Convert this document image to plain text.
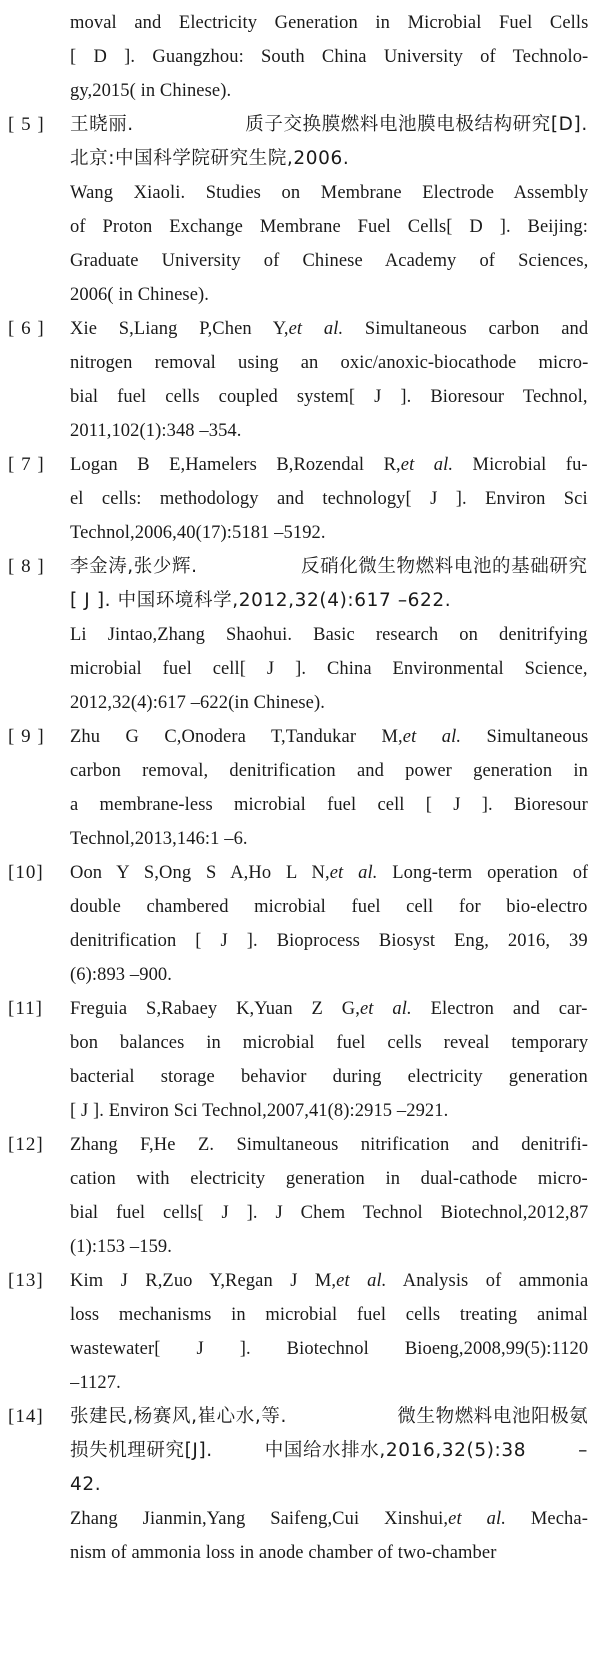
moval and Electricity Generation in Microbial Fuel Cells
[ D ]. Guangzhou: South China University of Technolo-
gy,2015( in Chinese).

[ 5 ]	王晓丽. 质子交换膜燃料电池膜电极结构研究[D].
北京:中国科学院研究生院,2006.

Wang Xiaoli. Studies on Membrane Electrode Assembly
of Proton Exchange Membrane Fuel Cells[ D ]. Beijing:
Graduate University of Chinese Academy of Sciences,
2006( in Chinese).

[ 6 ]	Xie S,Liang P,Chen Y,et al. Simultaneous carbon and
nitrogen removal using an oxic/anoxic-biocathode micro-
bial fuel cells coupled system[ J ]. Bioresour Technol,
2011,102(1):348 –354.

[ 7 ]	Logan B E,Hamelers B,Rozendal R,et al. Microbial fu-
el cells: methodology and technology[ J ]. Environ Sci
Technol,2006,40(17):5181 –5192.

[ 8 ]	李金涛,张少辉. 反硝化微生物燃料电池的基础研究
[ J ]. 中国环境科学,2012,32(4):617 –622.

Li Jintao,Zhang Shaohui. Basic research on denitrifying
microbial fuel cell[ J ]. China Environmental Science,
2012,32(4):617 –622(in Chinese).

[ 9 ]	Zhu G C,Onodera T,Tandukar M,et al. Simultaneous
carbon removal, denitrification and power generation in
a membrane-less microbial fuel cell [ J ]. Bioresour
Technol,2013,146:1 –6.

[10]	Oon Y S,Ong S A,Ho L N,et al. Long-term operation of
double chambered microbial fuel cell for bio-electro
denitrification [ J ]. Bioprocess Biosyst Eng, 2016, 39
(6):893 –900.

[11]	Freguia S,Rabaey K,Yuan Z G,et al. Electron and car-
bon balances in microbial fuel cells reveal temporary
bacterial storage behavior during electricity generation
[ J ]. Environ Sci Technol,2007,41(8):2915 –2921.

[12]	Zhang F,He Z. Simultaneous nitrification and denitrifi-
cation with electricity generation in dual-cathode micro-
bial fuel cells[ J ]. J Chem Technol Biotechnol,2012,87
(1):153 –159.

[13]	Kim J R,Zuo Y,Regan J M,et al. Analysis of ammonia
loss mechanisms in microbial fuel cells treating animal
wastewater[ J ]. Biotechnol Bioeng,2008,99(5):1120
–1127.

[14]	张建民,杨赛风,崔心水,等. 微生物燃料电池阳极氨
损失机理研究[J]. 中国给水排水,2016,32(5):38 –
42.

Zhang Jianmin,Yang Saifeng,Cui Xinshui,et al. Mecha-
nism of ammonia loss in anode chamber of two-chamber
